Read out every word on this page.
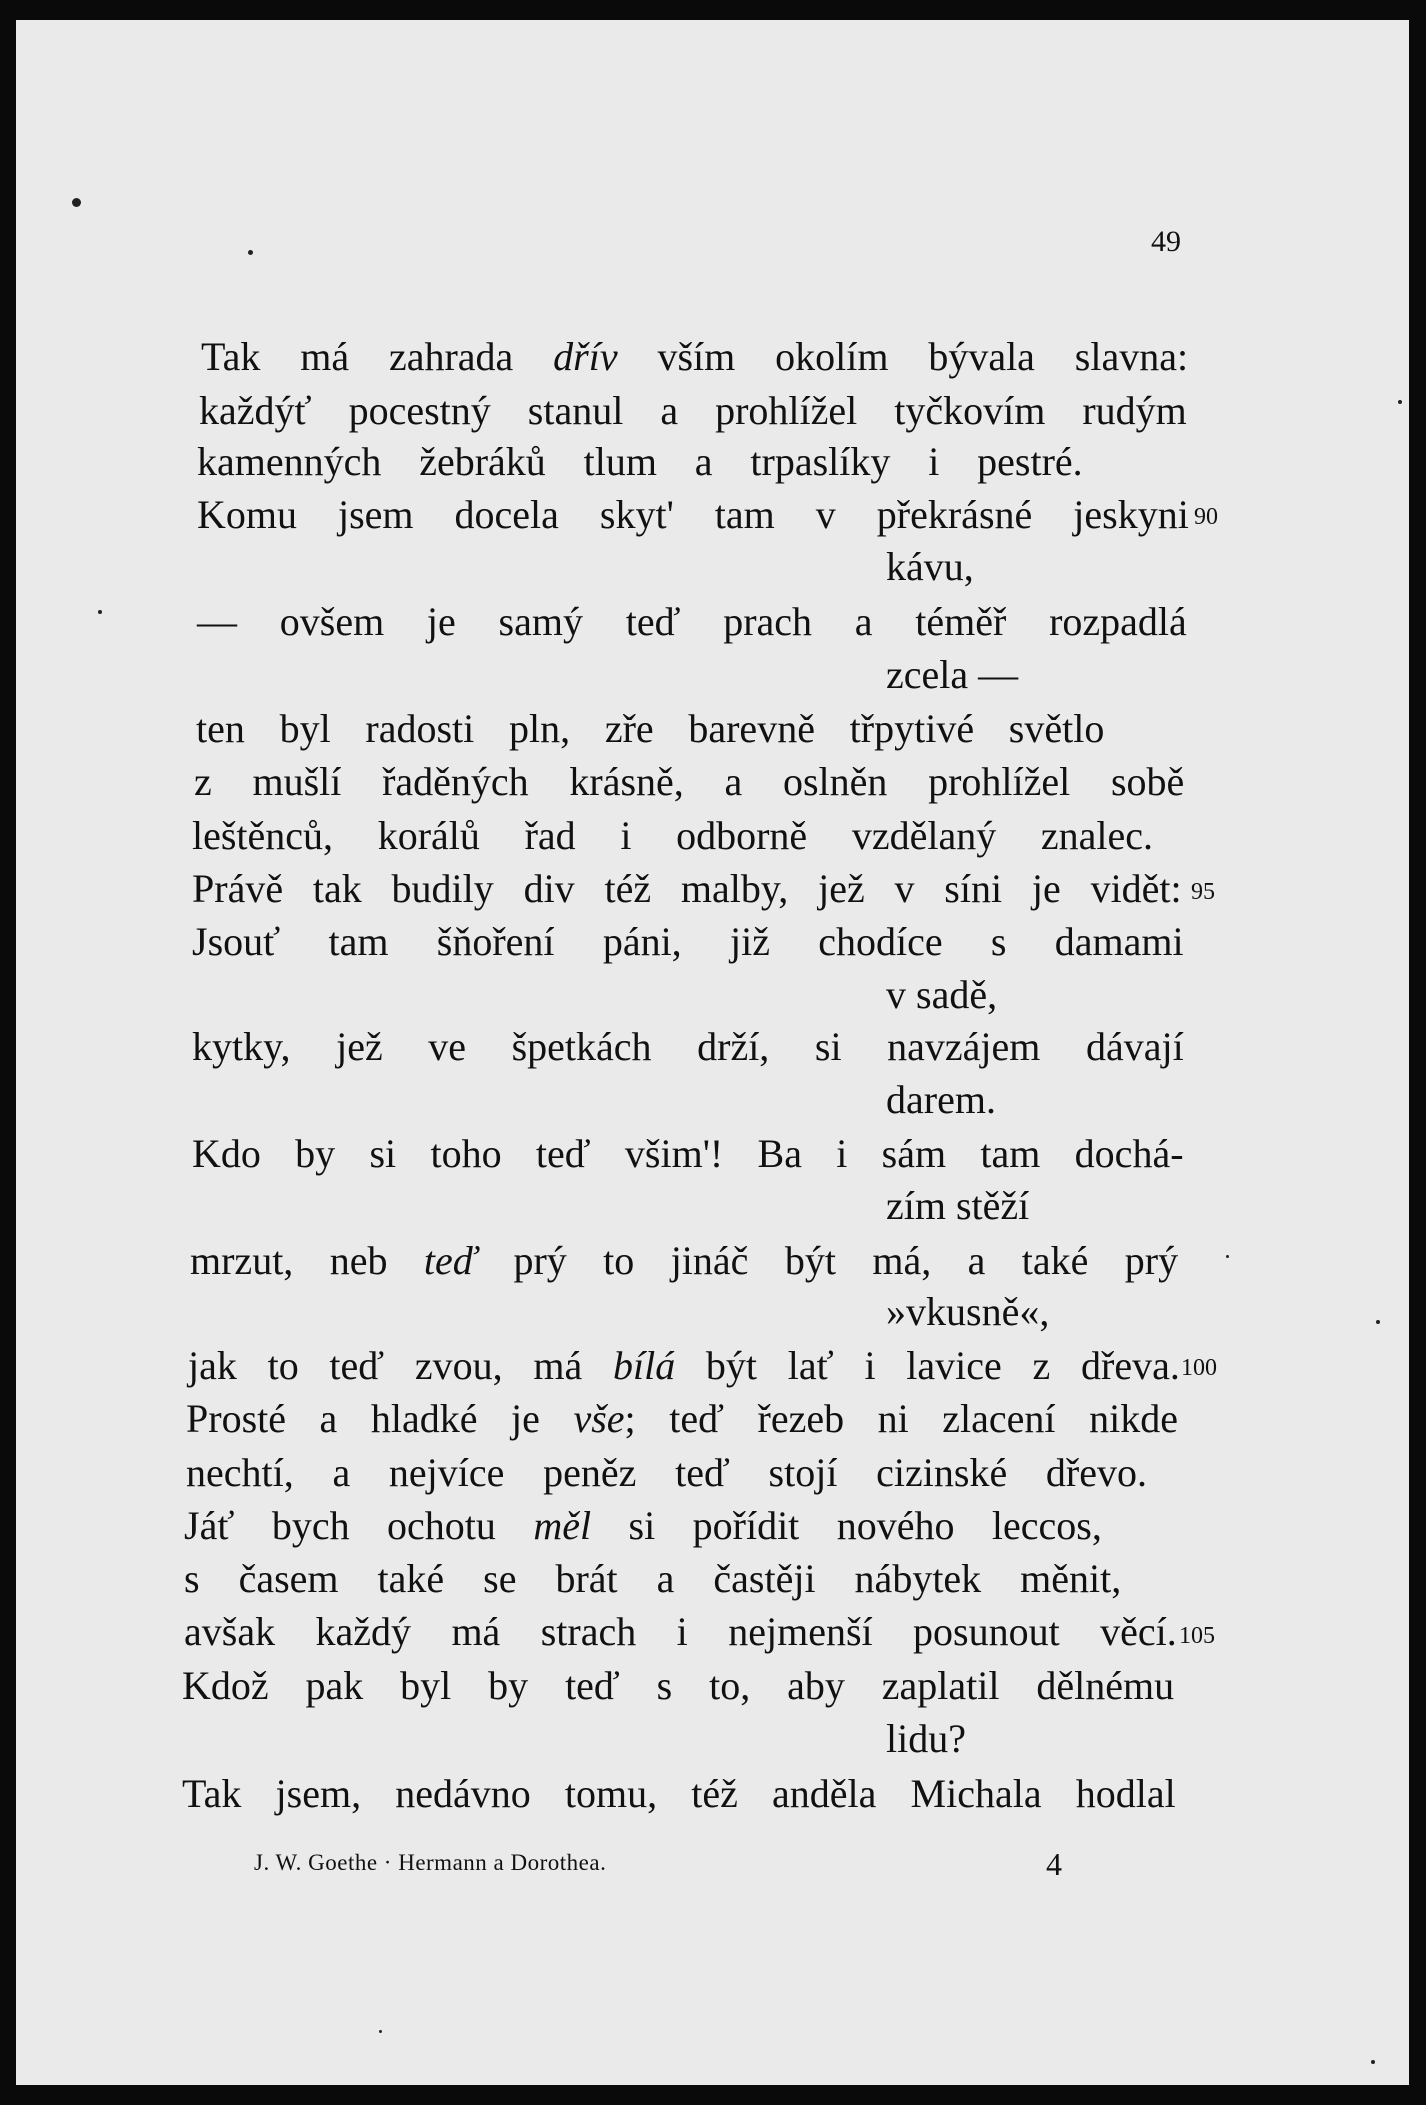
49
Tak má zahrada dřív vším okolím bývala slavna:
každýť pocestný stanul a prohlížel tyčkovím rudým
kamenných žebráků tlum a trpaslíky i pestré.
Komu jsem docela skyt' tam v překrásné jeskyni
kávu,
— ovšem je samý teď prach a téměř rozpadlá
zcela —
ten byl radosti pln, zře barevně třpytivé světlo
z mušlí řaděných krásně, a oslněn prohlížel sobě
leštěnců, korálů řad i odborně vzdělaný znalec.
Právě tak budily div též malby, jež v síni je vidět:
Jsouť tam šňoření páni, již chodíce s damami
v sadě,
kytky, jež ve špetkách drží, si navzájem dávají
darem.
Kdo by si toho teď všim'! Ba i sám tam dochá-
zím stěží
mrzut, neb teď prý to jináč být má, a také prý
»vkusně«,
jak to teď zvou, má bílá být lať i lavice z dřeva.
Prosté a hladké je vše; teď řezeb ni zlacení nikde
nechtí, a nejvíce peněz teď stojí cizinské dřevo.
Jáť bych ochotu měl si pořídit nového leccos,
s časem také se brát a častěji nábytek měnit,
avšak každý má strach i nejmenší posunout věcí.
Kdož pak byl by teď s to, aby zaplatil dělnému
lidu?
Tak jsem, nedávno tomu, též anděla Michala hodlal
90
95
100
105
J. W. Goethe · Hermann a Dorothea.	4
